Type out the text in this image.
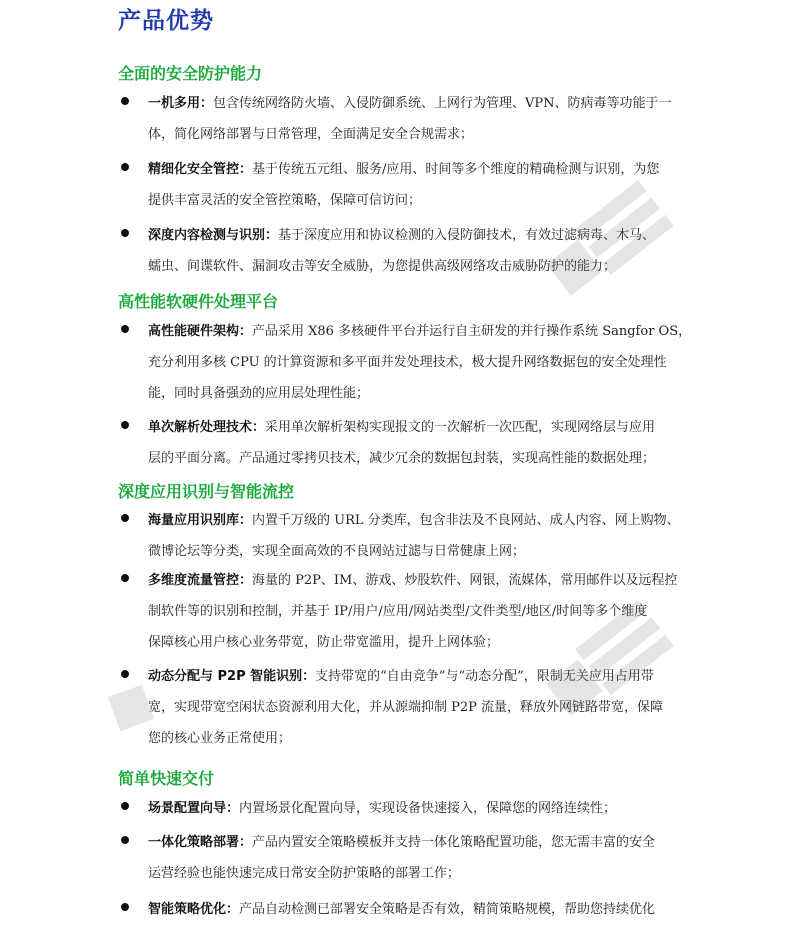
产品优势
全面的安全防护能力
一机多用：包含传统网络防火墙、入侵防御系统、上网行为管理、VPN、防病毒等功能于一
体，简化网络部署与日常管理，全面满足安全合规需求；
精细化安全管控：基于传统五元组、服务/应用、时间等多个维度的精确检测与识别，为您
提供丰富灵活的安全管控策略，保障可信访问；
深度内容检测与识别：基于深度应用和协议检测的入侵防御技术，有效过滤病毒、木马、
蠕虫、间谍软件、漏洞攻击等安全威胁，为您提供高级网络攻击威胁防护的能力；
高性能软硬件处理平台
高性能硬件架构：产品采用 X86 多核硬件平台并运行自主研发的并行操作系统 Sangfor OS，
充分利用多核 CPU 的计算资源和多平面并发处理技术，极大提升网络数据包的安全处理性
能，同时具备强劲的应用层处理性能；
单次解析处理技术：采用单次解析架构实现报文的一次解析一次匹配，实现网络层与应用
层的平面分离。产品通过零拷贝技术，减少冗余的数据包封装，实现高性能的数据处理；
深度应用识别与智能流控
海量应用识别库：内置千万级的 URL 分类库，包含非法及不良网站、成人内容、网上购物、
微博论坛等分类，实现全面高效的不良网站过滤与日常健康上网；
多维度流量管控：海量的 P2P、IM、游戏、炒股软件、网银，流媒体，常用邮件以及远程控
制软件等的识别和控制，并基于 IP/用户/应用/网站类型/文件类型/地区/时间等多个维度
保障核心用户核心业务带宽，防止带宽滥用，提升上网体验；
动态分配与 P2P 智能识别：支持带宽的“自由竞争”与“动态分配”，限制无关应用占用带
宽，实现带宽空闲状态资源利用大化，并从源端抑制 P2P 流量，释放外网链路带宽，保障
您的核心业务正常使用；
简单快速交付
场景配置向导：内置场景化配置向导，实现设备快速接入，保障您的网络连续性；
一体化策略部署：产品内置安全策略模板并支持一体化策略配置功能，您无需丰富的安全
运营经验也能快速完成日常安全防护策略的部署工作；
智能策略优化：产品自动检测已部署安全策略是否有效，精简策略规模，帮助您持续优化
